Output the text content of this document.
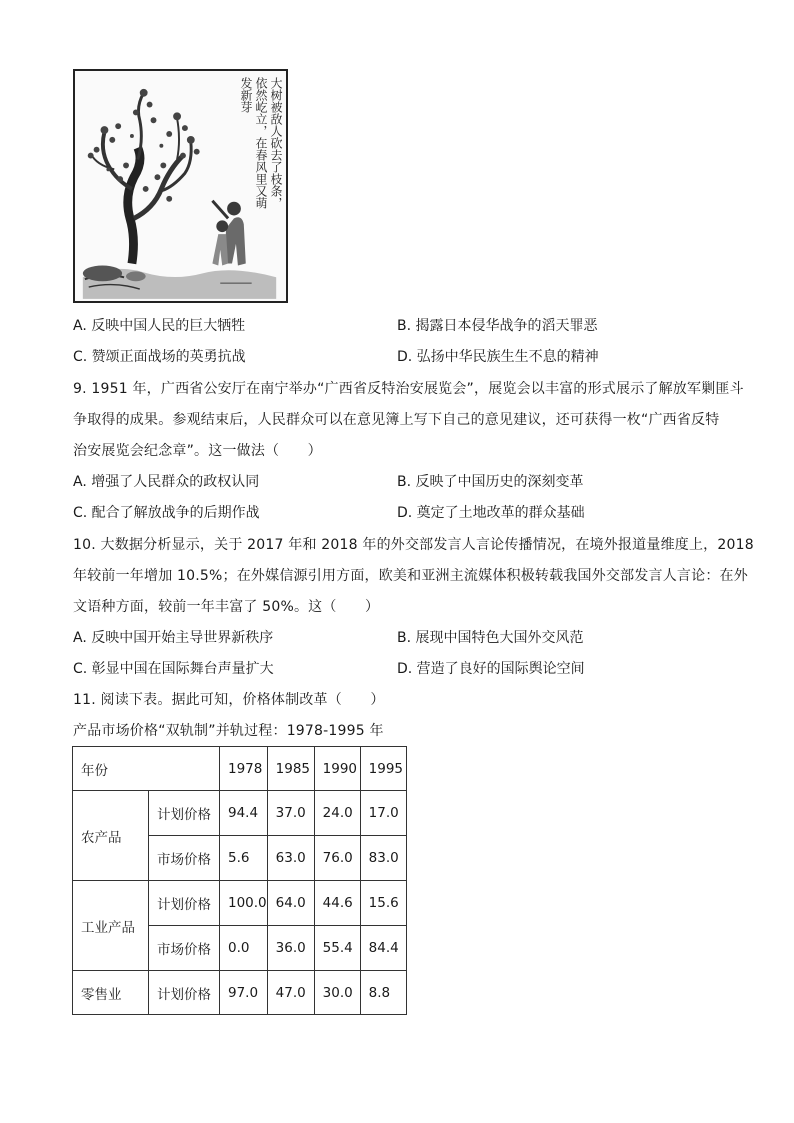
大树被敌人砍去了枝条，依然屹立，在春风里又萌发新芽
A. 反映中国人民的巨大牺牲	B. 揭露日本侵华战争的滔天罪恶
C. 赞颂正面战场的英勇抗战	D. 弘扬中华民族生生不息的精神
9. 1951 年，广西省公安厅在南宁举办“广西省反特治安展览会”，展览会以丰富的形式展示了解放军剿匪斗
争取得的成果。参观结束后，人民群众可以在意见簿上写下自己的意见建议，还可获得一枚“广西省反特
治安展览会纪念章”。这一做法（　　）
A. 增强了人民群众的政权认同	B. 反映了中国历史的深刻变革
C. 配合了解放战争的后期作战	D. 奠定了土地改革的群众基础
10. 大数据分析显示，关于 2017 年和 2018 年的外交部发言人言论传播情况，在境外报道量维度上，2018
年较前一年增加 10.5%；在外媒信源引用方面，欧美和亚洲主流媒体积极转载我国外交部发言人言论：在外
文语种方面，较前一年丰富了 50%。这（　　）
A. 反映中国开始主导世界新秩序	B. 展现中国特色大国外交风范
C. 彰显中国在国际舞台声量扩大	D. 营造了良好的国际舆论空间
11. 阅读下表。据此可知，价格体制改革（　　）
产品市场价格“双轨制”并轨过程：1978-1995 年
年份		1978	1985	1990	1995
农产品	计划价格	94.4	37.0	24.0	17.0
	市场价格	5.6	63.0	76.0	83.0
工业产品	计划价格	100.0	64.0	44.6	15.6
	市场价格	0.0	36.0	55.4	84.4
零售业	计划价格	97.0	47.0	30.0	8.8
